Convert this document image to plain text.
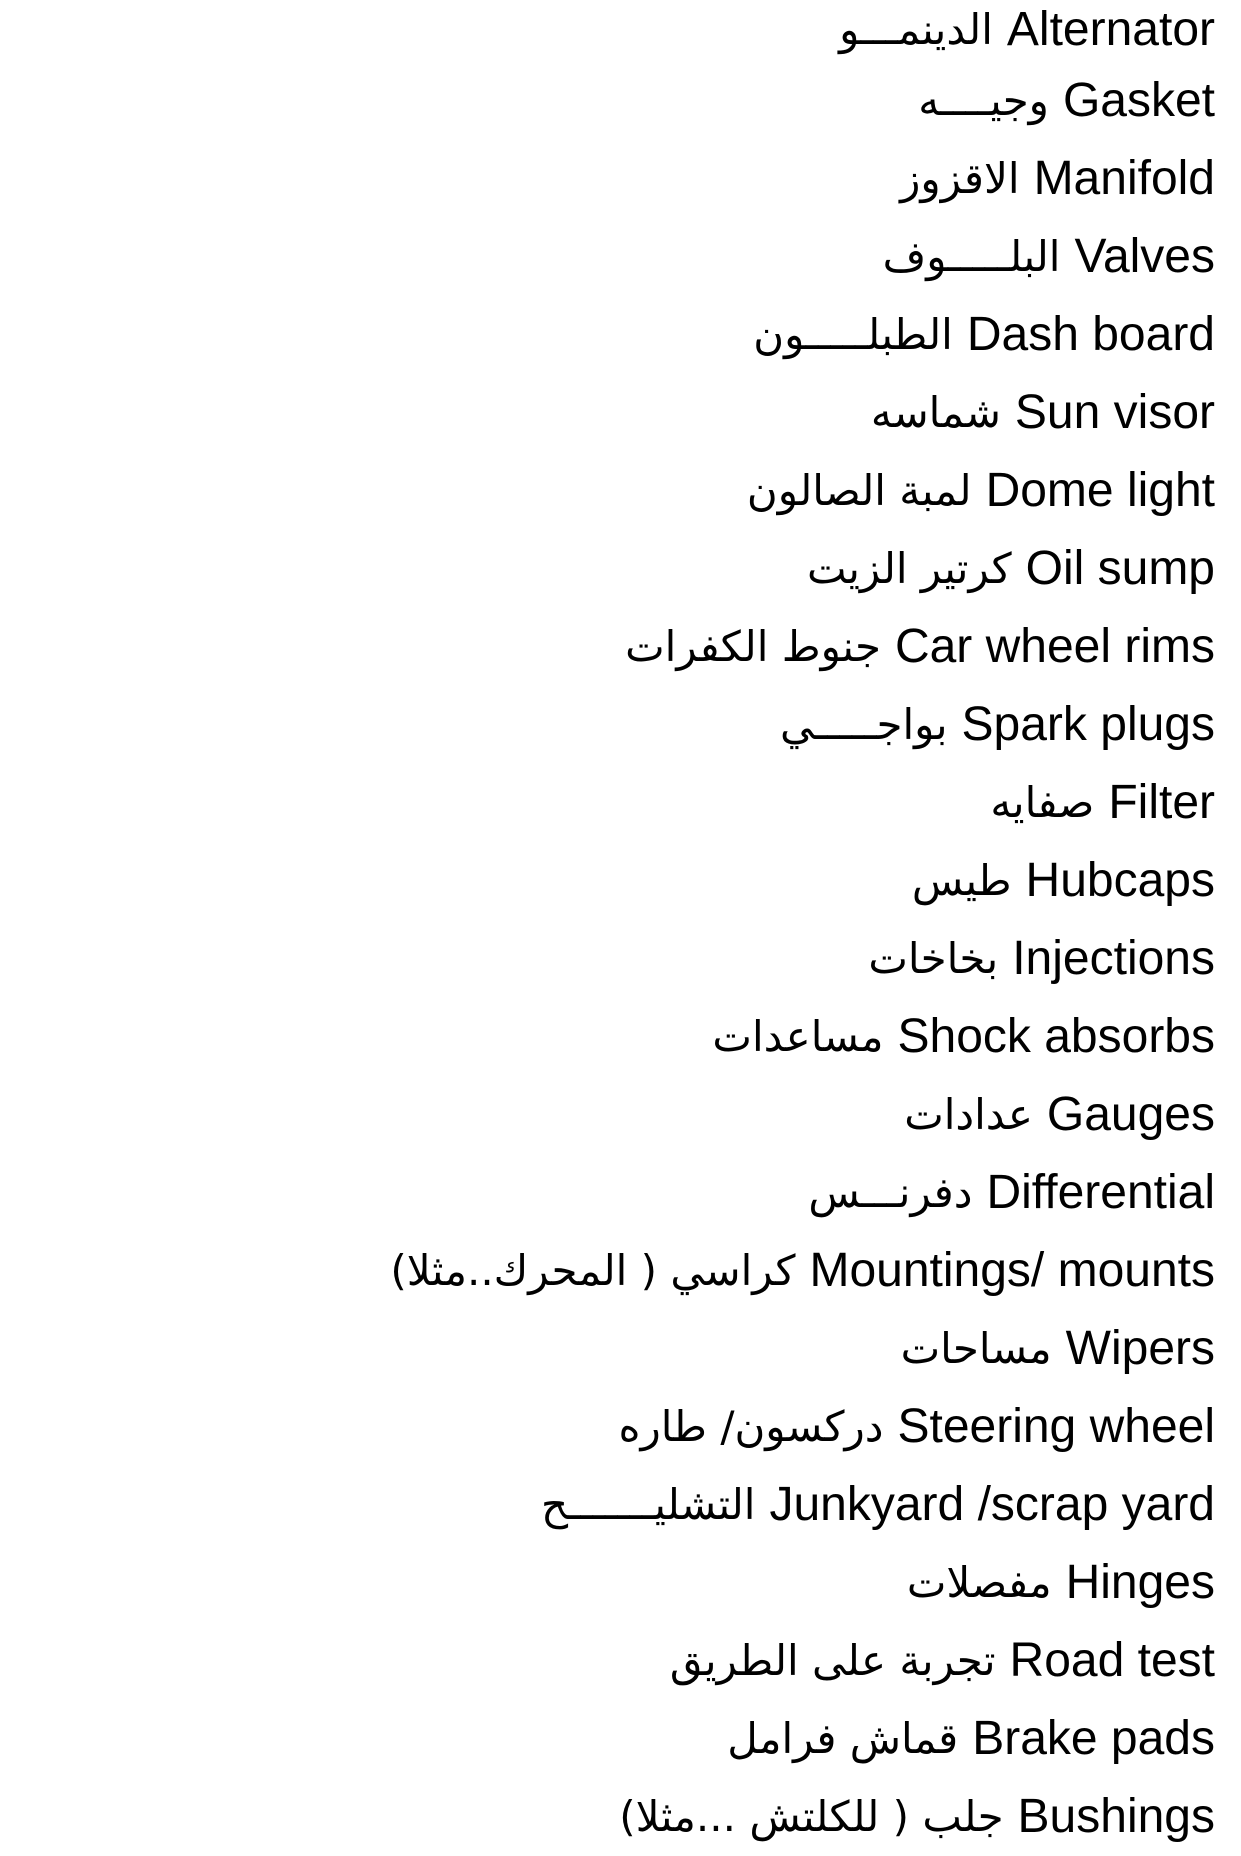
الدينمـــو Alternator
وجيــــه Gasket
الاقزوز Manifold
البلـــــوف Valves
الطبلـــــون Dash board
شماسه Sun visor
لمبة الصالون Dome light
كرتير الزيت Oil sump
جنوط الكفرات Car wheel rims
بواجـــــي Spark plugs
صفايه Filter
طيس Hubcaps
بخاخات Injections
مساعدات Shock absorbs
عدادات Gauges
دفرنـــس Differential
كراسي ( المحرك..مثلا) Mountings/ mounts
مساحات Wipers
دركسون/ طاره Steering wheel
التشليـــــــح Junkyard /scrap yard
مفصلات Hinges
تجربة على الطريق Road test
قماش فرامل Brake pads
جلب ( للكلتش ...مثلا) Bushings
